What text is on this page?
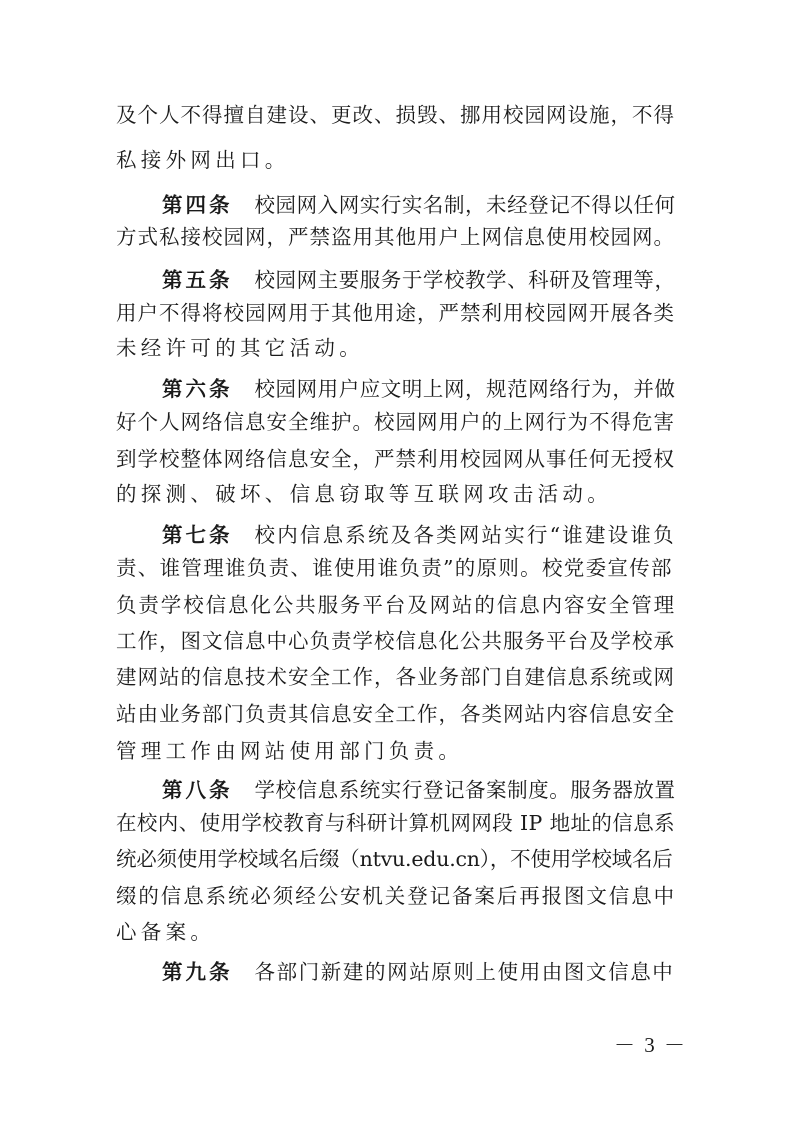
及个人不得擅自建设、更改、损毁、挪用校园网设施，不得
私接外网出口。
第四条 校园网入网实行实名制，未经登记不得以任何
方式私接校园网，严禁盗用其他用户上网信息使用校园网。
第五条 校园网主要服务于学校教学、科研及管理等，
用户不得将校园网用于其他用途，严禁利用校园网开展各类
未经许可的其它活动。
第六条 校园网用户应文明上网，规范网络行为，并做
好个人网络信息安全维护。校园网用户的上网行为不得危害
到学校整体网络信息安全，严禁利用校园网从事任何无授权
的探测、破坏、信息窃取等互联网攻击活动。
第七条 校内信息系统及各类网站实行“谁建设谁负
责、谁管理谁负责、谁使用谁负责”的原则。校党委宣传部
负责学校信息化公共服务平台及网站的信息内容安全管理
工作，图文信息中心负责学校信息化公共服务平台及学校承
建网站的信息技术安全工作，各业务部门自建信息系统或网
站由业务部门负责其信息安全工作，各类网站内容信息安全
管理工作由网站使用部门负责。
第八条 学校信息系统实行登记备案制度。服务器放置
在校内、使用学校教育与科研计算机网网段 IP 地址的信息系
统必须使用学校域名后缀（ntvu.edu.cn），不使用学校域名后
缀的信息系统必须经公安机关登记备案后再报图文信息中
心备案。
第九条 各部门新建的网站原则上使用由图文信息中
－ 3 －
